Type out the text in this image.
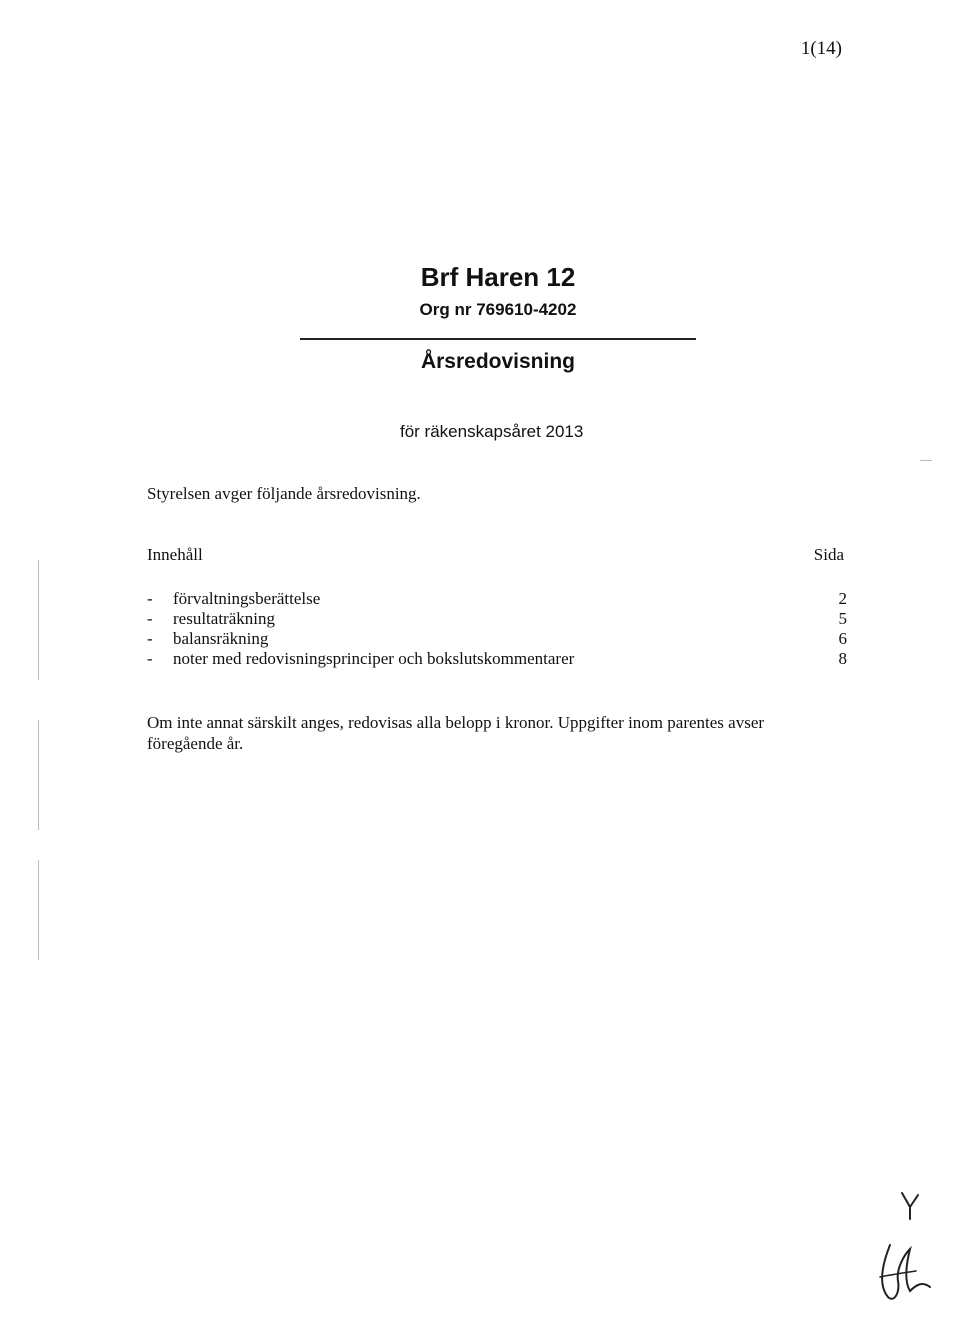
1(14)
Brf Haren 12
Org nr 769610-4202
Årsredovisning
för räkenskapsåret 2013
Styrelsen avger följande årsredovisning.
Innehåll	Sida
-	förvaltningsberättelse	2
-	resultaträkning	5
-	balansräkning	6
-	noter med redovisningsprinciper och bokslutskommentarer	8
Om inte annat särskilt anges, redovisas alla belopp i kronor. Uppgifter inom parentes avser föregående år.
